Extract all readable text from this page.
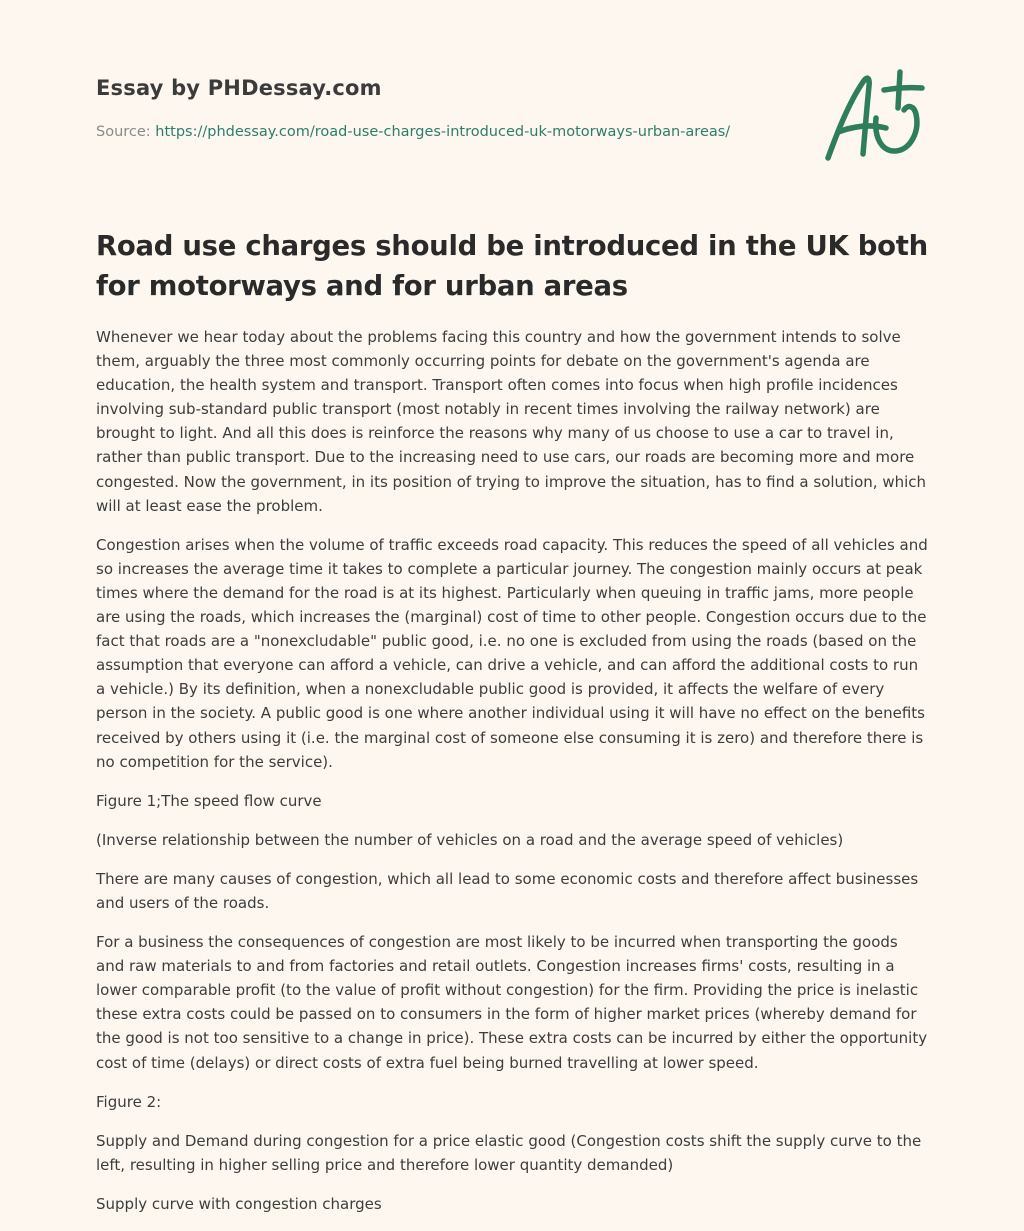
Essay by PHDessay.com
Source: https://phdessay.com/road-use-charges-introduced-uk-motorways-urban-areas/
Road use charges should be introduced in the UK both for motorways and for urban areas

Whenever we hear today about the problems facing this country and how the government intends to solve them, arguably the three most commonly occurring points for debate on the government's agenda are education, the health system and transport. Transport often comes into focus when high profile incidences involving sub-standard public transport (most notably in recent times involving the railway network) are brought to light. And all this does is reinforce the reasons why many of us choose to use a car to travel in, rather than public transport. Due to the increasing need to use cars, our roads are becoming more and more congested. Now the government, in its position of trying to improve the situation, has to find a solution, which will at least ease the problem.

Congestion arises when the volume of traffic exceeds road capacity. This reduces the speed of all vehicles and so increases the average time it takes to complete a particular journey. The congestion mainly occurs at peak times where the demand for the road is at its highest. Particularly when queuing in traffic jams, more people are using the roads, which increases the (marginal) cost of time to other people. Congestion occurs due to the fact that roads are a "nonexcludable" public good, i.e. no one is excluded from using the roads (based on the assumption that everyone can afford a vehicle, can drive a vehicle, and can afford the additional costs to run a vehicle.) By its definition, when a nonexcludable public good is provided, it affects the welfare of every person in the society. A public good is one where another individual using it will have no effect on the benefits received by others using it (i.e. the marginal cost of someone else consuming it is zero) and therefore there is no competition for the service).

Figure 1;The speed flow curve

(Inverse relationship between the number of vehicles on a road and the average speed of vehicles)

There are many causes of congestion, which all lead to some economic costs and therefore affect businesses and users of the roads.

For a business the consequences of congestion are most likely to be incurred when transporting the goods and raw materials to and from factories and retail outlets. Congestion increases firms' costs, resulting in a lower comparable profit (to the value of profit without congestion) for the firm. Providing the price is inelastic these extra costs could be passed on to consumers in the form of higher market prices (whereby demand for the good is not too sensitive to a change in price). These extra costs can be incurred by either the opportunity cost of time (delays) or direct costs of extra fuel being burned travelling at lower speed.

Figure 2:

Supply and Demand during congestion for a price elastic good (Congestion costs shift the supply curve to the left, resulting in higher selling price and therefore lower quantity demanded)

Supply curve with congestion charges
